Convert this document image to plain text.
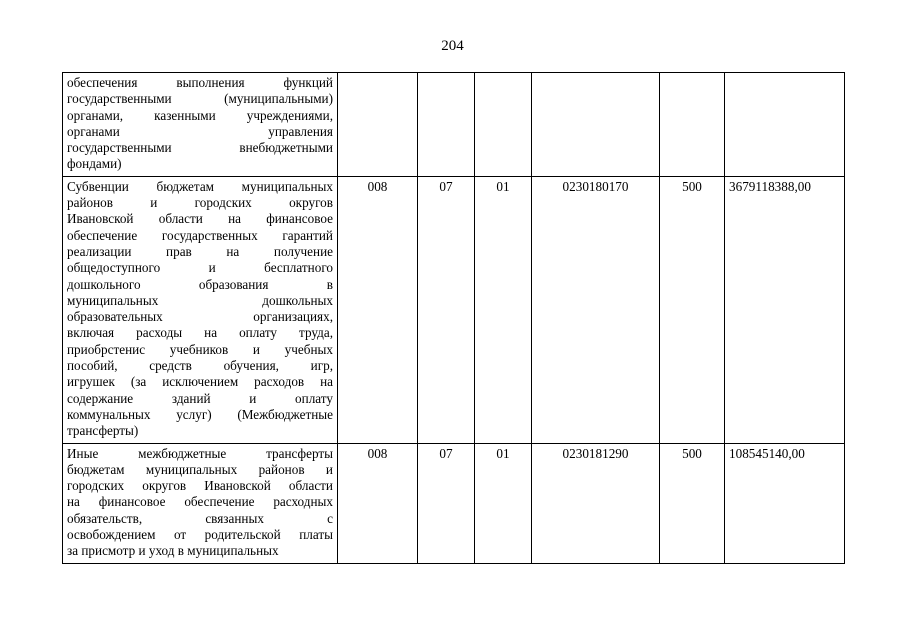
204

обеспечения выполнения функций

государственными (муниципальными)

органами, казенными учреждениями,

органами управления

государственными внебюджетными

фондами)

Субвенции бюджетам муниципальных

районов и городских округов

Ивановской области на финансовое

обеспечение государственных гарантий

реализации прав на получение

общедоступного и бесплатного

дошкольного образования в

муниципальных дошкольных

образовательных организациях,

включая расходы на оплату труда,

приобрстенис учебников и учебных

пособий, средств обучения, игр,

игрушек (за исключением расходов на

содержание зданий и оплату

коммунальных услуг) (Межбюджетные

трансферты)

	008	07	01	0230180170	500	3679118388,00

Иные межбюджетные трансферты

бюджетам муниципальных районов и

городских округов Ивановской области

на финансовое обеспечение расходных

обязательств, связанных с

освобождением от родительской платы

за присмотр и уход в муниципальных

	008	07	01	0230181290	500	108545140,00
